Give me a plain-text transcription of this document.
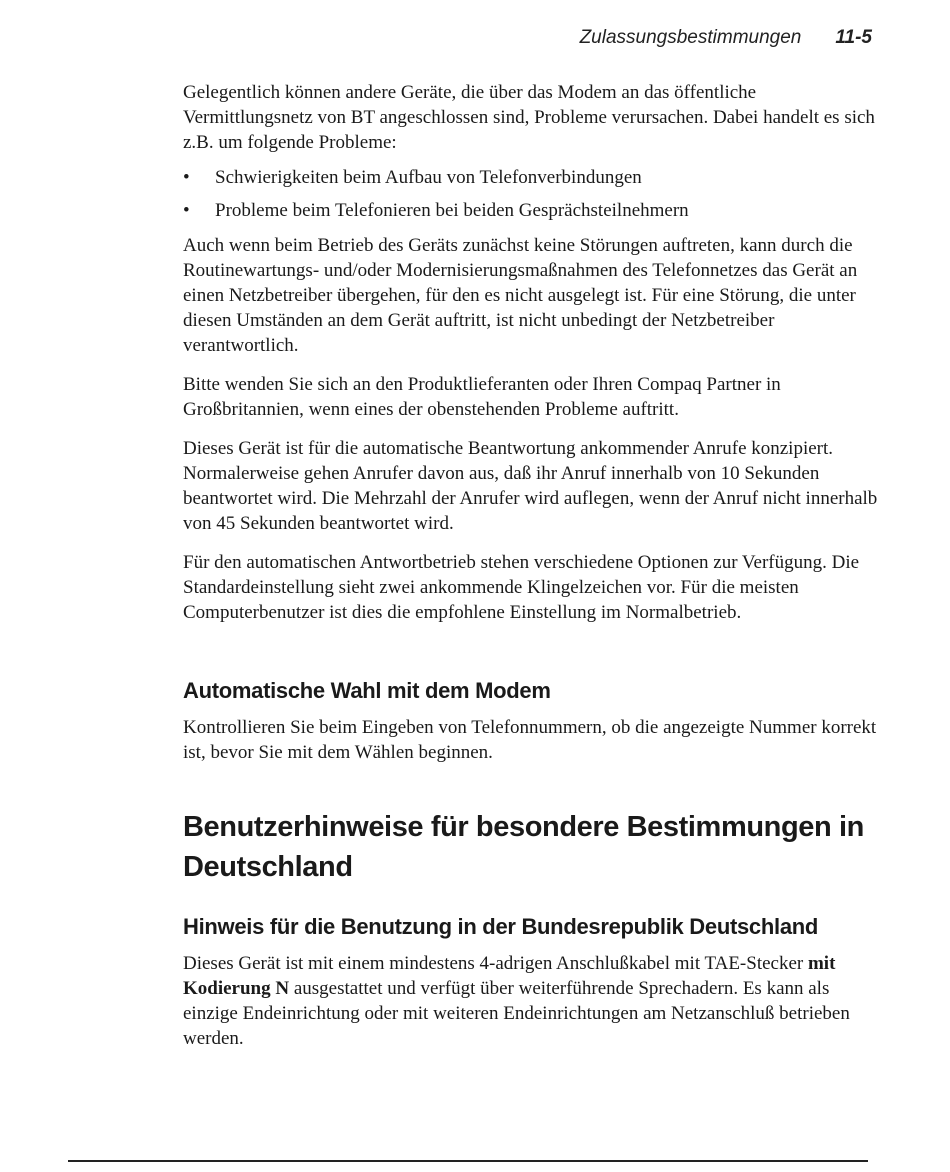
Zulassungsbestimmungen 11-5

Gelegentlich können andere Geräte, die über das Modem an das öffentliche Vermittlungsnetz von BT angeschlossen sind, Probleme verursachen. Dabei handelt es sich z.B. um folgende Probleme:

• Schwierigkeiten beim Aufbau von Telefonverbindungen
• Probleme beim Telefonieren bei beiden Gesprächsteilnehmern

Auch wenn beim Betrieb des Geräts zunächst keine Störungen auftreten, kann durch die Routinewartungs- und/oder Modernisierungsmaßnahmen des Telefonnetzes das Gerät an einen Netzbetreiber übergehen, für den es nicht ausgelegt ist. Für eine Störung, die unter diesen Umständen an dem Gerät auftritt, ist nicht unbedingt der Netzbetreiber verantwortlich.

Bitte wenden Sie sich an den Produktlieferanten oder Ihren Compaq Partner in Großbritannien, wenn eines der obenstehenden Probleme auftritt.

Dieses Gerät ist für die automatische Beantwortung ankommender Anrufe konzipiert. Normalerweise gehen Anrufer davon aus, daß ihr Anruf innerhalb von 10 Sekunden beantwortet wird. Die Mehrzahl der Anrufer wird auflegen, wenn der Anruf nicht innerhalb von 45 Sekunden beantwortet wird.

Für den automatischen Antwortbetrieb stehen verschiedene Optionen zur Verfügung. Die Standardeinstellung sieht zwei ankommende Klingelzeichen vor. Für die meisten Computerbenutzer ist dies die empfohlene Einstellung im Normalbetrieb.

Automatische Wahl mit dem Modem

Kontrollieren Sie beim Eingeben von Telefonnummern, ob die angezeigte Nummer korrekt ist, bevor Sie mit dem Wählen beginnen.

Benutzerhinweise für besondere Bestimmungen in Deutschland
Hinweis für die Benutzung in der Bundesrepublik Deutschland

Dieses Gerät ist mit einem mindestens 4-adrigen Anschlußkabel mit TAE-Stecker mit Kodierung N ausgestattet und verfügt über weiterführende Sprechadern. Es kann als einzige Endeinrichtung oder mit weiteren Endeinrichtungen am Netzanschluß betrieben werden.
